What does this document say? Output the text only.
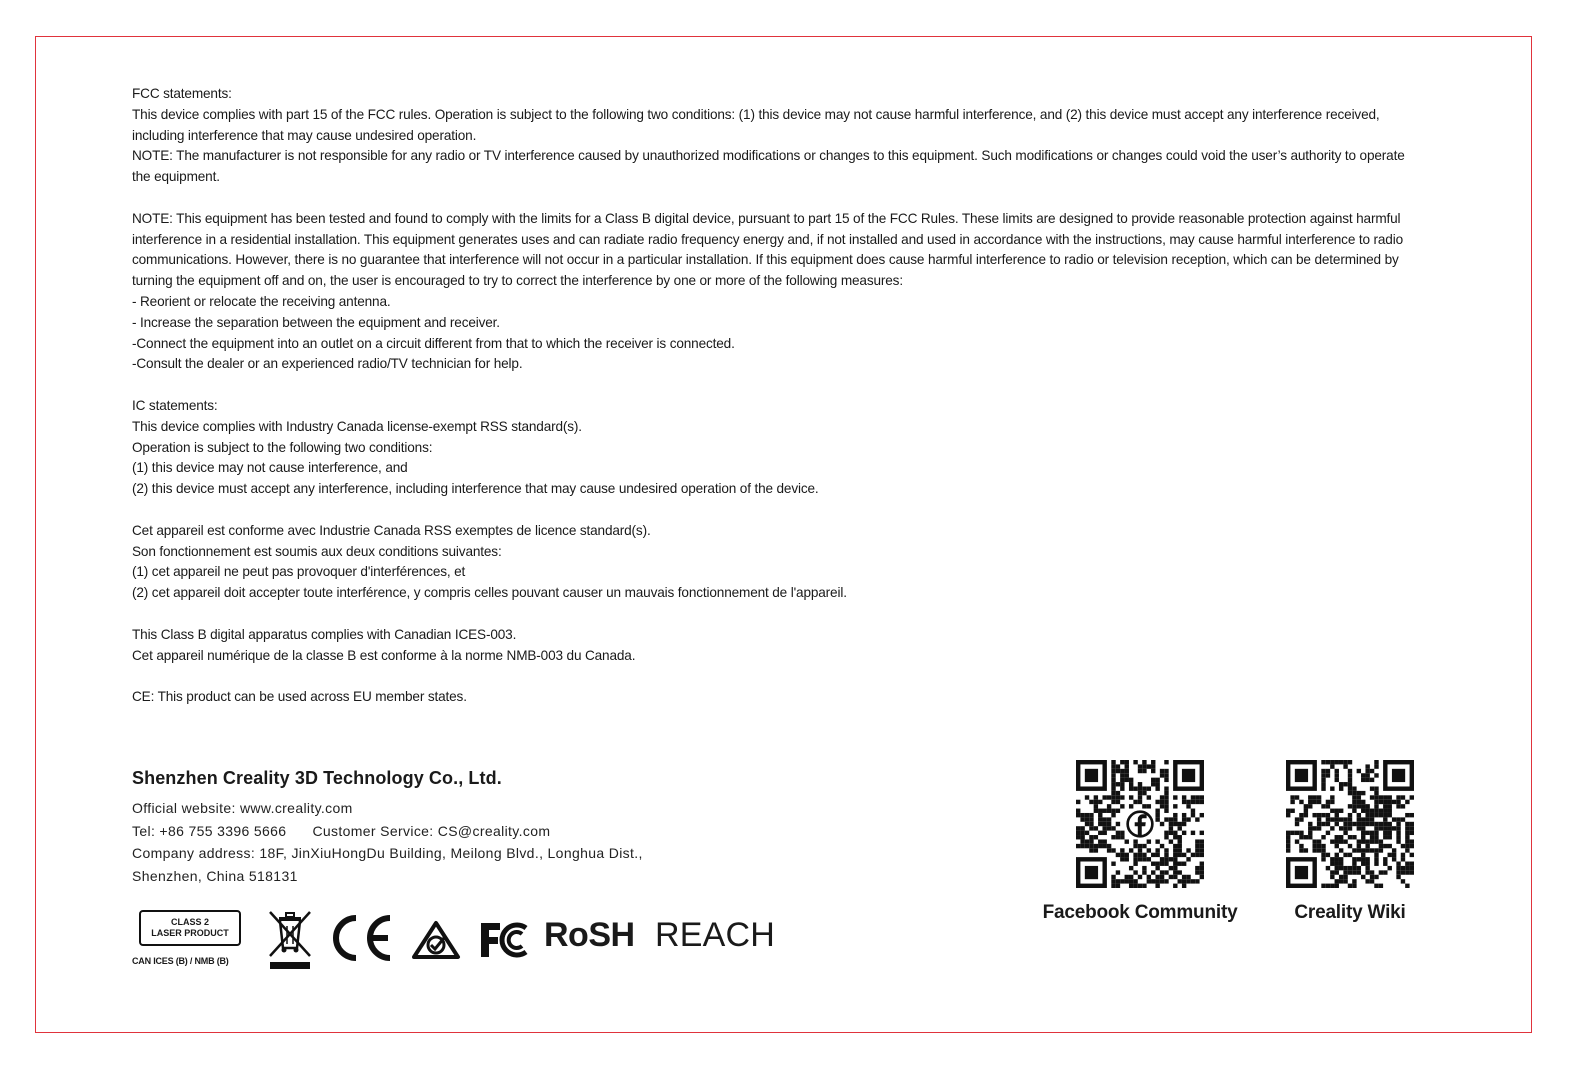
FCC statements:

This device complies with part 15 of the FCC rules. Operation is subject to the following two conditions: (1) this device may not cause harmful interference, and (2) this device must accept any interference received, including interference that may cause undesired operation.

NOTE: The manufacturer is not responsible for any radio or TV interference caused by unauthorized modifications or changes to this equipment. Such modifications or changes could void the user’s authority to operate the equipment.

NOTE: This equipment has been tested and found to comply with the limits for a Class B digital device, pursuant to part 15 of the FCC Rules. These limits are designed to provide reasonable protection against harmful interference in a residential installation. This equipment generates uses and can radiate radio frequency energy and, if not installed and used in accordance with the instructions, may cause harmful interference to radio communications. However, there is no guarantee that interference will not occur in a particular installation. If this equipment does cause harmful interference to radio or television reception, which can be determined by turning the equipment off and on, the user is encouraged to try to correct the interference by one or more of the following measures:

- Reorient or relocate the receiving antenna.

- Increase the separation between the equipment and receiver.

-Connect the equipment into an outlet on a circuit different from that to which the receiver is connected.

-Consult the dealer or an experienced radio/TV technician for help.

IC statements:

This device complies with Industry Canada license-exempt RSS standard(s).

Operation is subject to the following two conditions:

(1) this device may not cause interference, and

(2) this device must accept any interference, including interference that may cause undesired operation of the device.

Cet appareil est conforme avec Industrie Canada RSS exemptes de licence standard(s).

Son fonctionnement est soumis aux deux conditions suivantes:

(1) cet appareil ne peut pas provoquer d'interférences, et

(2) cet appareil doit accepter toute interférence, y compris celles pouvant causer un mauvais fonctionnement de l'appareil.

This Class B digital apparatus complies with Canadian ICES-003.

Cet appareil numérique de la classe B est conforme à la norme NMB-003 du Canada.

CE: This product can be used across EU member states.

Shenzhen Creality 3D Technology Co., Ltd.

Official website: www.creality.com

Tel: +86 755 3396 5666 Customer Service: CS@creality.com

Company address: 18F, JinXiuHongDu Building, Meilong Blvd., Longhua Dist.,

Shenzhen, China 518131

CLASS 2
LASER PRODUCT
CAN ICES (B) / NMB (B)
RoSH REACH
Facebook Community	Creality Wiki
